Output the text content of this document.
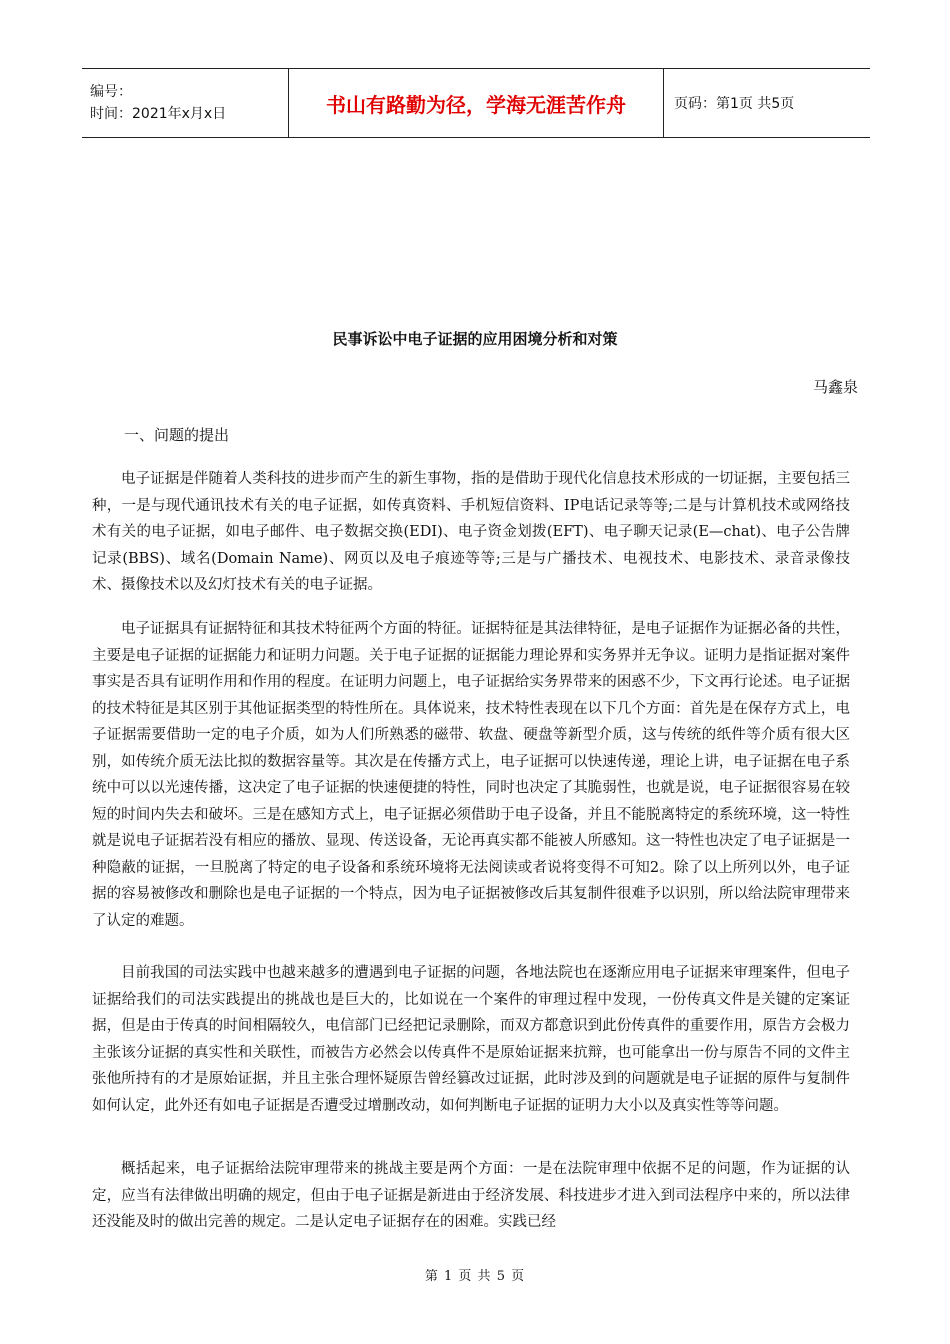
编号：
时间：2021年x月x日	书山有路勤为径，学海无涯苦作舟	页码：第1页 共5页
民事诉讼中电子证据的应用困境分析和对策
马鑫泉
一、问题的提出

电子证据是伴随着人类科技的进步而产生的新生事物，指的是借助于现代化信息技术形成的一切证据，主要包括三种，一是与现代通讯技术有关的电子证据，如传真资料、手机短信资料、IP电话记录等等;二是与计算机技术或网络技术有关的电子证据，如电子邮件、电子数据交换(EDI)、电子资金划拨(EFT)、电子聊天记录(E—chat)、电子公告牌记录(BBS)、域名(Domain Name)、网页以及电子痕迹等等;三是与广播技术、电视技术、电影技术、录音录像技术、摄像技术以及幻灯技术有关的电子证据。

电子证据具有证据特征和其技术特征两个方面的特征。证据特征是其法律特征，是电子证据作为证据必备的共性，主要是电子证据的证据能力和证明力问题。关于电子证据的证据能力理论界和实务界并无争议。证明力是指证据对案件事实是否具有证明作用和作用的程度。在证明力问题上，电子证据给实务界带来的困惑不少，下文再行论述。电子证据的技术特征是其区别于其他证据类型的特性所在。具体说来，技术特性表现在以下几个方面：首先是在保存方式上，电子证据需要借助一定的电子介质，如为人们所熟悉的磁带、软盘、硬盘等新型介质，这与传统的纸件等介质有很大区别，如传统介质无法比拟的数据容量等。其次是在传播方式上，电子证据可以快速传递，理论上讲，电子证据在电子系统中可以以光速传播，这决定了电子证据的快速便捷的特性，同时也决定了其脆弱性，也就是说，电子证据很容易在较短的时间内失去和破坏。三是在感知方式上，电子证据必须借助于电子设备，并且不能脱离特定的系统环境，这一特性就是说电子证据若没有相应的播放、显现、传送设备，无论再真实都不能被人所感知。这一特性也决定了电子证据是一种隐蔽的证据，一旦脱离了特定的电子设备和系统环境将无法阅读或者说将变得不可知2。除了以上所列以外，电子证据的容易被修改和删除也是电子证据的一个特点，因为电子证据被修改后其复制件很难予以识别，所以给法院审理带来了认定的难题。

目前我国的司法实践中也越来越多的遭遇到电子证据的问题，各地法院也在逐渐应用电子证据来审理案件，但电子证据给我们的司法实践提出的挑战也是巨大的，比如说在一个案件的审理过程中发现，一份传真文件是关键的定案证据，但是由于传真的时间相隔较久，电信部门已经把记录删除，而双方都意识到此份传真件的重要作用，原告方会极力主张该分证据的真实性和关联性，而被告方必然会以传真件不是原始证据来抗辩，也可能拿出一份与原告不同的文件主张他所持有的才是原始证据，并且主张合理怀疑原告曾经篡改过证据，此时涉及到的问题就是电子证据的原件与复制件如何认定，此外还有如电子证据是否遭受过增删改动，如何判断电子证据的证明力大小以及真实性等等问题。

概括起来，电子证据给法院审理带来的挑战主要是两个方面：一是在法院审理中依据不足的问题，作为证据的认定，应当有法律做出明确的规定，但由于电子证据是新进由于经济发展、科技进步才进入到司法程序中来的，所以法律还没能及时的做出完善的规定。二是认定电子证据存在的困难。实践已经

第 1 页 共 5 页
